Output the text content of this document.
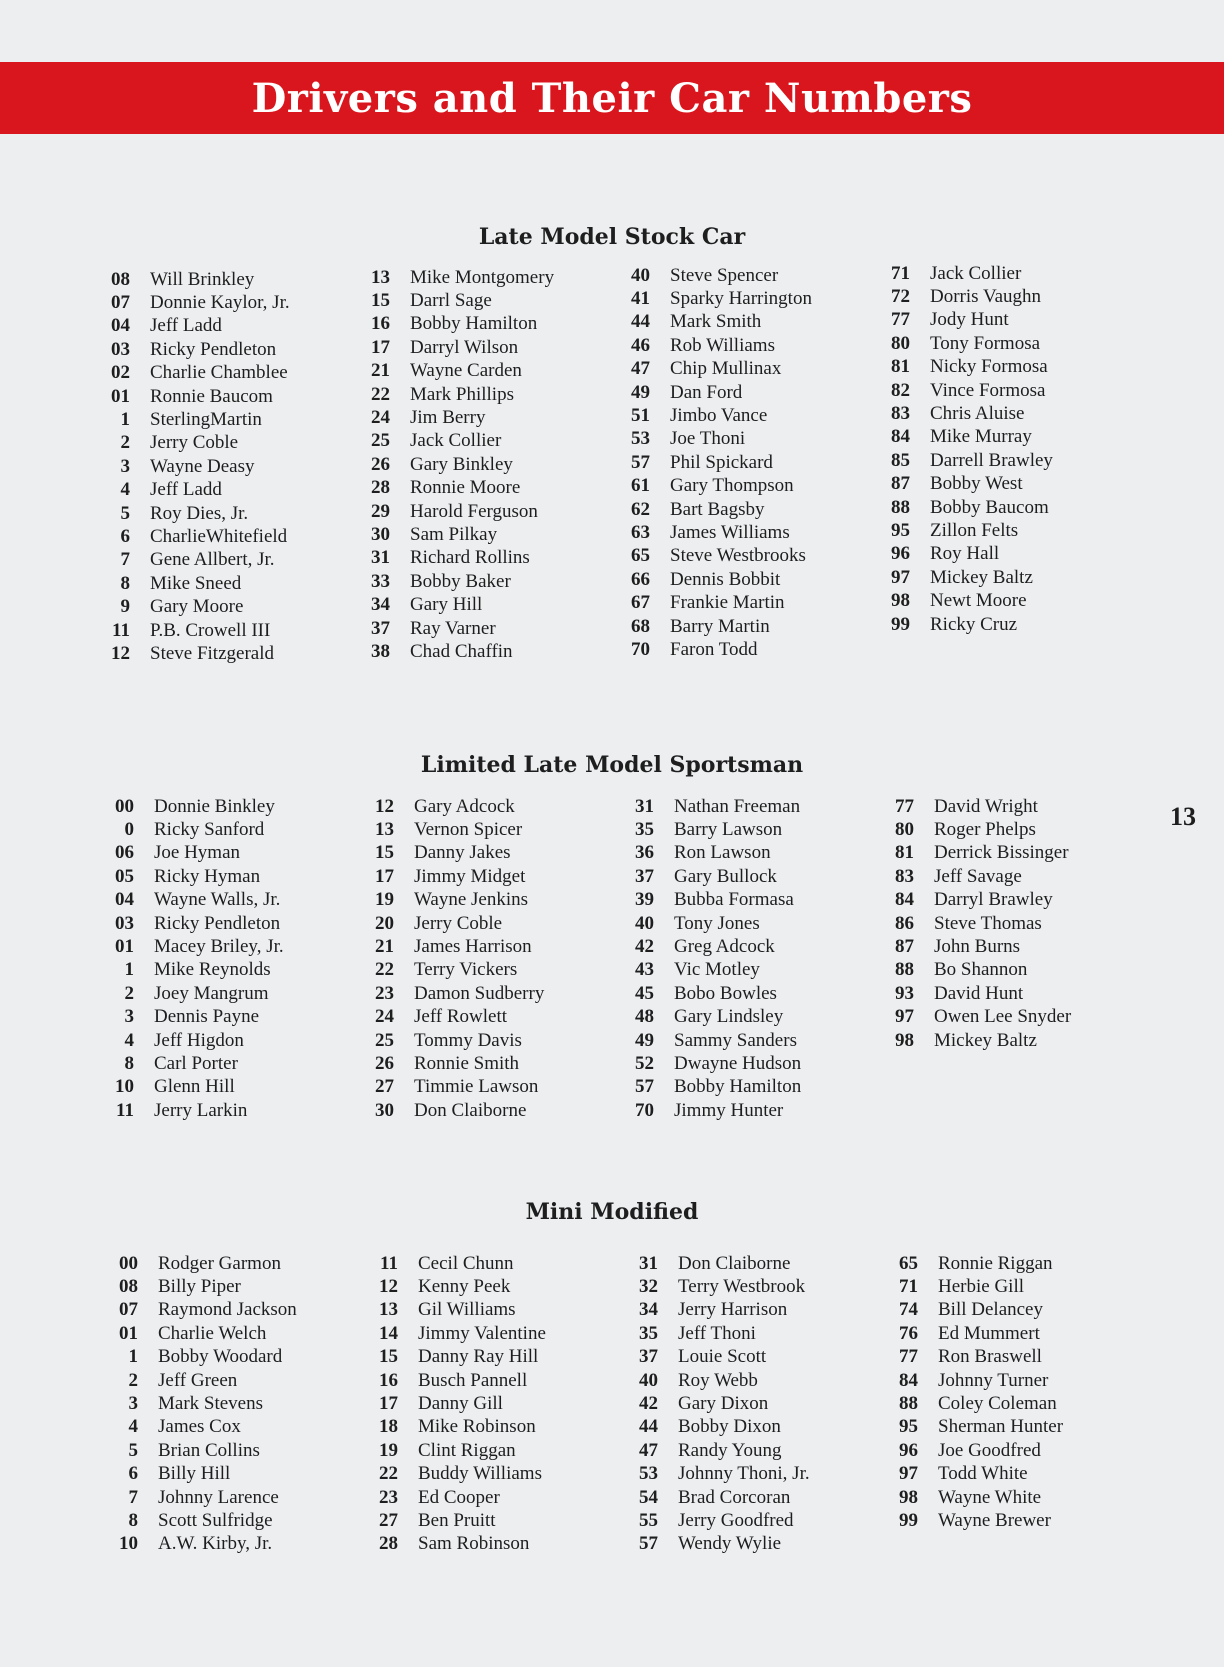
Drivers and Their Car Numbers
Late Model Stock Car
08 Will Brinkley
07 Donnie Kaylor, Jr.
04 Jeff Ladd
03 Ricky Pendleton
02 Charlie Chamblee
01 Ronnie Baucom
1 SterlingMartin
2 Jerry Coble
3 Wayne Deasy
4 Jeff Ladd
5 Roy Dies, Jr.
6 CharlieWhitefield
7 Gene Allbert, Jr.
8 Mike Sneed
9 Gary Moore
11 P.B. Crowell III
12 Steve Fitzgerald
13 Mike Montgomery
15 Darrl Sage
16 Bobby Hamilton
17 Darryl Wilson
21 Wayne Carden
22 Mark Phillips
24 Jim Berry
25 Jack Collier
26 Gary Binkley
28 Ronnie Moore
29 Harold Ferguson
30 Sam Pilkay
31 Richard Rollins
33 Bobby Baker
34 Gary Hill
37 Ray Varner
38 Chad Chaffin
40 Steve Spencer
41 Sparky Harrington
44 Mark Smith
46 Rob Williams
47 Chip Mullinax
49 Dan Ford
51 Jimbo Vance
53 Joe Thoni
57 Phil Spickard
61 Gary Thompson
62 Bart Bagsby
63 James Williams
65 Steve Westbrooks
66 Dennis Bobbit
67 Frankie Martin
68 Barry Martin
70 Faron Todd
71 Jack Collier
72 Dorris Vaughn
77 Jody Hunt
80 Tony Formosa
81 Nicky Formosa
82 Vince Formosa
83 Chris Aluise
84 Mike Murray
85 Darrell Brawley
87 Bobby West
88 Bobby Baucom
95 Zillon Felts
96 Roy Hall
97 Mickey Baltz
98 Newt Moore
99 Ricky Cruz
Limited Late Model Sportsman
00 Donnie Binkley
0 Ricky Sanford
06 Joe Hyman
05 Ricky Hyman
04 Wayne Walls, Jr.
03 Ricky Pendleton
01 Macey Briley, Jr.
1 Mike Reynolds
2 Joey Mangrum
3 Dennis Payne
4 Jeff Higdon
8 Carl Porter
10 Glenn Hill
11 Jerry Larkin
12 Gary Adcock
13 Vernon Spicer
15 Danny Jakes
17 Jimmy Midget
19 Wayne Jenkins
20 Jerry Coble
21 James Harrison
22 Terry Vickers
23 Damon Sudberry
24 Jeff Rowlett
25 Tommy Davis
26 Ronnie Smith
27 Timmie Lawson
30 Don Claiborne
31 Nathan Freeman
35 Barry Lawson
36 Ron Lawson
37 Gary Bullock
39 Bubba Formasa
40 Tony Jones
42 Greg Adcock
43 Vic Motley
45 Bobo Bowles
48 Gary Lindsley
49 Sammy Sanders
52 Dwayne Hudson
57 Bobby Hamilton
70 Jimmy Hunter
77 David Wright
80 Roger Phelps
81 Derrick Bissinger
83 Jeff Savage
84 Darryl Brawley
86 Steve Thomas
87 John Burns
88 Bo Shannon
93 David Hunt
97 Owen Lee Snyder
98 Mickey Baltz
Mini Modified
00 Rodger Garmon
08 Billy Piper
07 Raymond Jackson
01 Charlie Welch
1 Bobby Woodard
2 Jeff Green
3 Mark Stevens
4 James Cox
5 Brian Collins
6 Billy Hill
7 Johnny Larence
8 Scott Sulfridge
10 A.W. Kirby, Jr.
11 Cecil Chunn
12 Kenny Peek
13 Gil Williams
14 Jimmy Valentine
15 Danny Ray Hill
16 Busch Pannell
17 Danny Gill
18 Mike Robinson
19 Clint Riggan
22 Buddy Williams
23 Ed Cooper
27 Ben Pruitt
28 Sam Robinson
31 Don Claiborne
32 Terry Westbrook
34 Jerry Harrison
35 Jeff Thoni
37 Louie Scott
40 Roy Webb
42 Gary Dixon
44 Bobby Dixon
47 Randy Young
53 Johnny Thoni, Jr.
54 Brad Corcoran
55 Jerry Goodfred
57 Wendy Wylie
65 Ronnie Riggan
71 Herbie Gill
74 Bill Delancey
76 Ed Mummert
77 Ron Braswell
84 Johnny Turner
88 Coley Coleman
95 Sherman Hunter
96 Joe Goodfred
97 Todd White
98 Wayne White
99 Wayne Brewer
13
